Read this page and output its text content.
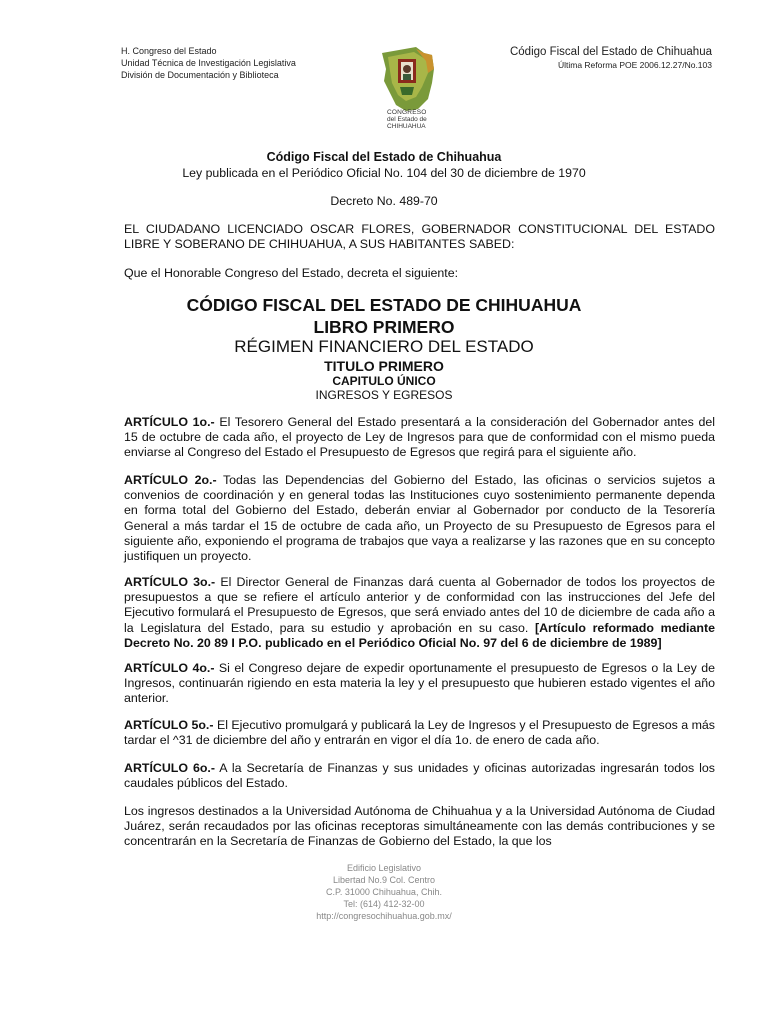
H. Congreso del Estado
Unidad Técnica de Investigación Legislativa
División de Documentación y Biblioteca
CONGRESO
del Estado de
CHIHUAHUA
Código Fiscal del Estado de Chihuahua
Última Reforma POE 2006.12.27/No.103
Código Fiscal del Estado de Chihuahua
Ley publicada en el Periódico Oficial No. 104 del 30 de diciembre de 1970
Decreto No. 489-70
EL CIUDADANO LICENCIADO OSCAR FLORES, GOBERNADOR CONSTITUCIONAL DEL ESTADO LIBRE Y SOBERANO DE CHIHUAHUA, A SUS HABITANTES SABED:
Que el Honorable Congreso del Estado, decreta el siguiente:
CÓDIGO FISCAL DEL ESTADO DE CHIHUAHUA
LIBRO PRIMERO
RÉGIMEN FINANCIERO DEL ESTADO
TITULO PRIMERO
CAPITULO ÚNICO
INGRESOS Y EGRESOS
ARTÍCULO 1o.- El Tesorero General del Estado presentará a la consideración del Gobernador antes del 15 de octubre de cada año, el proyecto de Ley de Ingresos para que de conformidad con el mismo pueda enviarse al Congreso del Estado el Presupuesto de Egresos que regirá para el siguiente año.
ARTÍCULO 2o.- Todas las Dependencias del Gobierno del Estado, las oficinas o servicios sujetos a convenios de coordinación y en general todas las Instituciones cuyo sostenimiento permanente dependa en forma total del Gobierno del Estado, deberán enviar al Gobernador por conducto de la Tesorería General a más tardar el 15 de octubre de cada año, un Proyecto de su Presupuesto de Egresos para el siguiente año, exponiendo el programa de trabajos que vaya a realizarse y las razones que en su concepto justifiquen un proyecto.
ARTÍCULO 3o.- El Director General de Finanzas dará cuenta al Gobernador de todos los proyectos de presupuestos a que se refiere el artículo anterior y de conformidad con las instrucciones del Jefe del Ejecutivo formulará el Presupuesto de Egresos, que será enviado antes del 10 de diciembre de cada año a la Legislatura del Estado, para su estudio y aprobación en su caso. [Artículo reformado mediante Decreto No. 20 89 I P.O. publicado en el Periódico Oficial No. 97 del 6 de diciembre de 1989]
ARTÍCULO 4o.- Si el Congreso dejare de expedir oportunamente el presupuesto de Egresos o la Ley de Ingresos, continuarán rigiendo en esta materia la ley y el presupuesto que hubieren estado vigentes el año anterior.
ARTÍCULO 5o.- El Ejecutivo promulgará y publicará la Ley de Ingresos y el Presupuesto de Egresos a más tardar el ^31 de diciembre del año y entrarán en vigor el día 1o. de enero de cada año.
ARTÍCULO 6o.- A la Secretaría de Finanzas y sus unidades y oficinas autorizadas ingresarán todos los caudales públicos del Estado.
Los ingresos destinados a la Universidad Autónoma de Chihuahua y a la Universidad Autónoma de Ciudad Juárez, serán recaudados por las oficinas receptoras simultáneamente con las demás contribuciones y se concentrarán en la Secretaría de Finanzas de Gobierno del Estado, la que los
Edificio Legislativo
Libertad No.9 Col. Centro
C.P. 31000 Chihuahua, Chih.
Tel: (614) 412-32-00
http://congresochihuahua.gob.mx/
